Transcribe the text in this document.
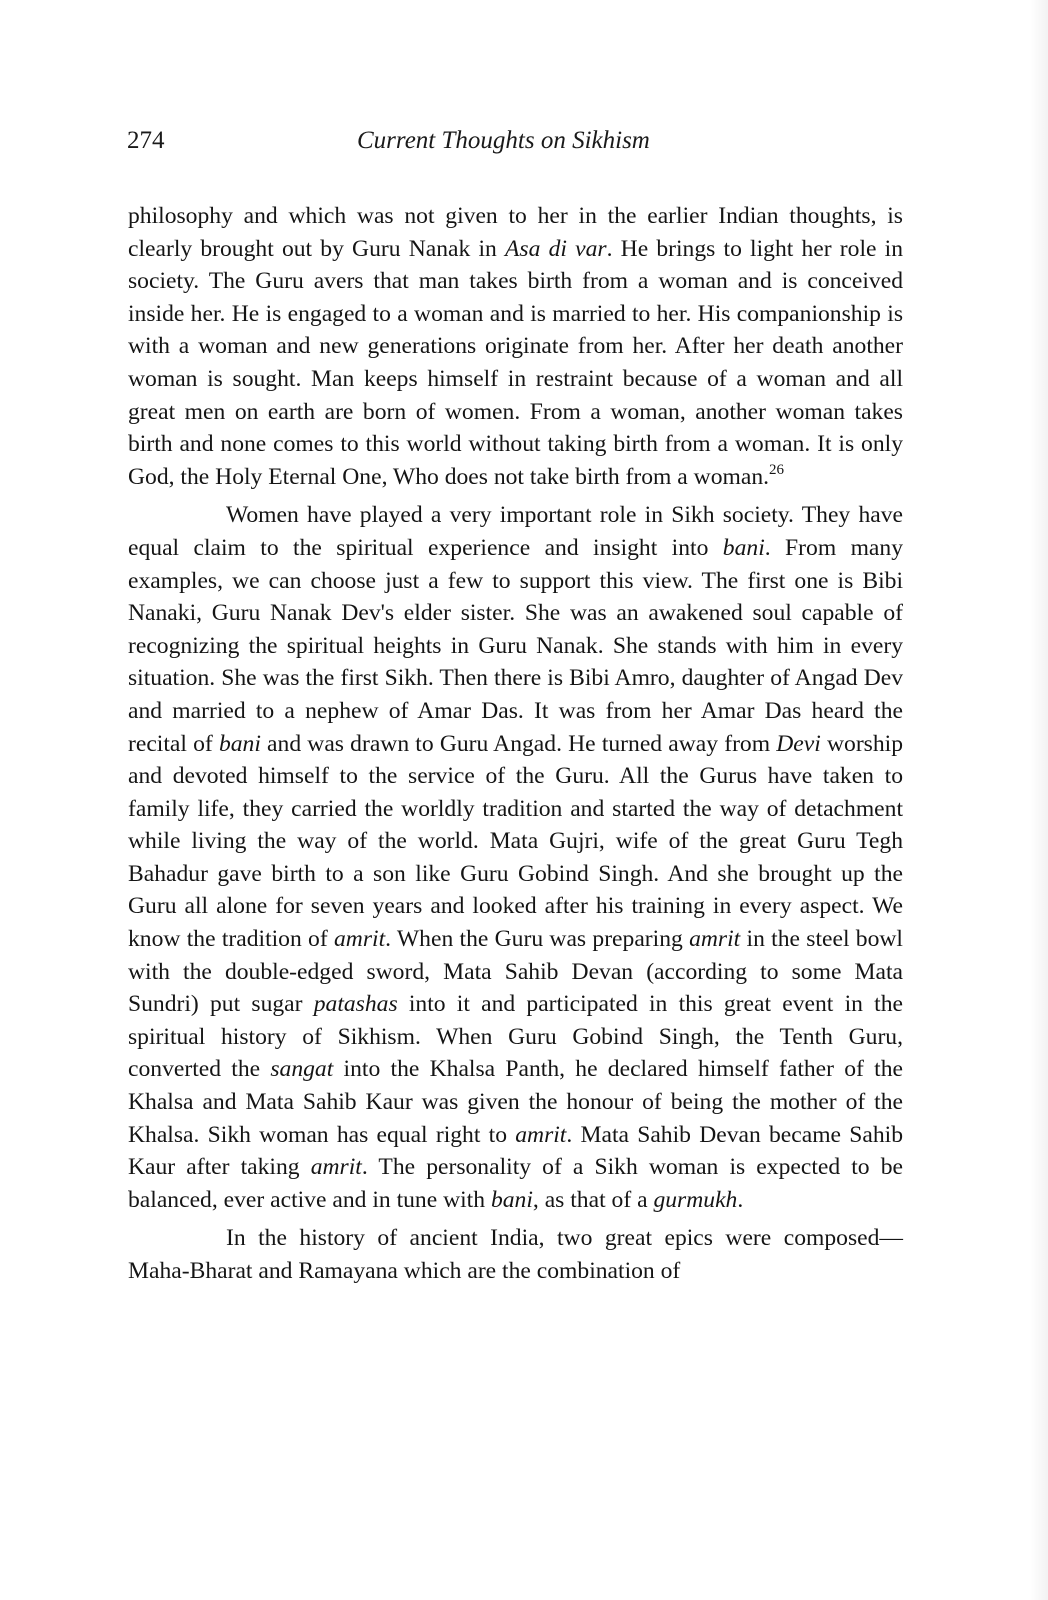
274	Current Thoughts on Sikhism

philosophy and which was not given to her in the earlier Indian thoughts, is clearly brought out by Guru Nanak in Asa di var. He brings to light her role in society. The Guru avers that man takes birth from a woman and is conceived inside her. He is engaged to a woman and is married to her. His companionship is with a woman and new generations originate from her. After her death another woman is sought. Man keeps himself in restraint because of a woman and all great men on earth are born of women. From a woman, another woman takes birth and none comes to this world without taking birth from a woman. It is only God, the Holy Eternal One, Who does not take birth from a woman.$^{26}$

Women have played a very important role in Sikh society. They have equal claim to the spiritual experience and insight into bani. From many examples, we can choose just a few to support this view. The first one is Bibi Nanaki, Guru Nanak Dev's elder sister. She was an awakened soul capable of recognizing the spiritual heights in Guru Nanak. She stands with him in every situation. She was the first Sikh. Then there is Bibi Amro, daughter of Angad Dev and married to a nephew of Amar Das. It was from her Amar Das heard the recital of bani and was drawn to Guru Angad. He turned away from Devi worship and devoted himself to the service of the Guru. All the Gurus have taken to family life, they carried the worldly tradition and started the way of detachment while living the way of the world. Mata Gujri, wife of the great Guru Tegh Bahadur gave birth to a son like Guru Gobind Singh. And she brought up the Guru all alone for seven years and looked after his training in every aspect. We know the tradition of amrit. When the Guru was preparing amrit in the steel bowl with the double-edged sword, Mata Sahib Devan (according to some Mata Sundri) put sugar patashas into it and participated in this great event in the spiritual history of Sikhism. When Guru Gobind Singh, the Tenth Guru, converted the sangat into the Khalsa Panth, he declared himself father of the Khalsa and Mata Sahib Kaur was given the honour of being the mother of the Khalsa. Sikh woman has equal right to amrit. Mata Sahib Devan became Sahib Kaur after taking amrit. The personality of a Sikh woman is expected to be balanced, ever active and in tune with bani, as that of a gurmukh.

In the history of ancient India, two great epics were composed— Maha-Bharat and Ramayana which are the combination of
